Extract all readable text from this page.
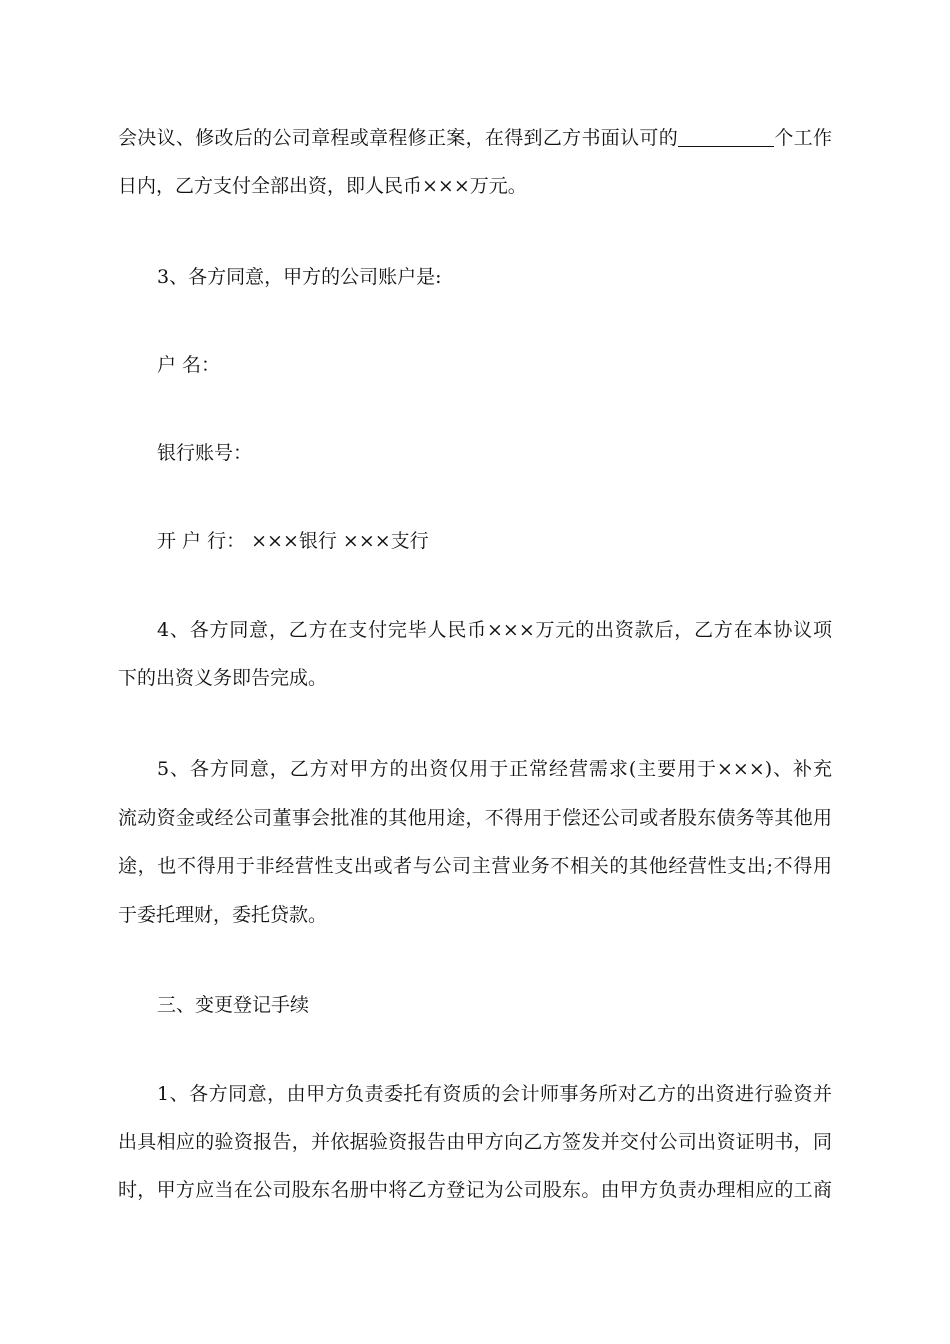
会决议、修改后的公司章程或章程修正案，在得到乙方书面认可的	个工作
日内，乙方支付全部出资，即人民币×××万元。
3、各方同意，甲方的公司账户是:
户 名：
银行账号：
开 户 行： ×××银行 ×××支行
4、各方同意，乙方在支付完毕人民币×××万元的出资款后，乙方在本协议项
下的出资义务即告完成。
5、各方同意，乙方对甲方的出资仅用于正常经营需求(主要用于×××)、补充
流动资金或经公司董事会批准的其他用途，不得用于偿还公司或者股东债务等其他用
途，也不得用于非经营性支出或者与公司主营业务不相关的其他经营性支出;不得用
于委托理财，委托贷款。
三、变更登记手续
1、各方同意，由甲方负责委托有资质的会计师事务所对乙方的出资进行验资并
出具相应的验资报告，并依据验资报告由甲方向乙方签发并交付公司出资证明书，同
时，甲方应当在公司股东名册中将乙方登记为公司股东。由甲方负责办理相应的工商
